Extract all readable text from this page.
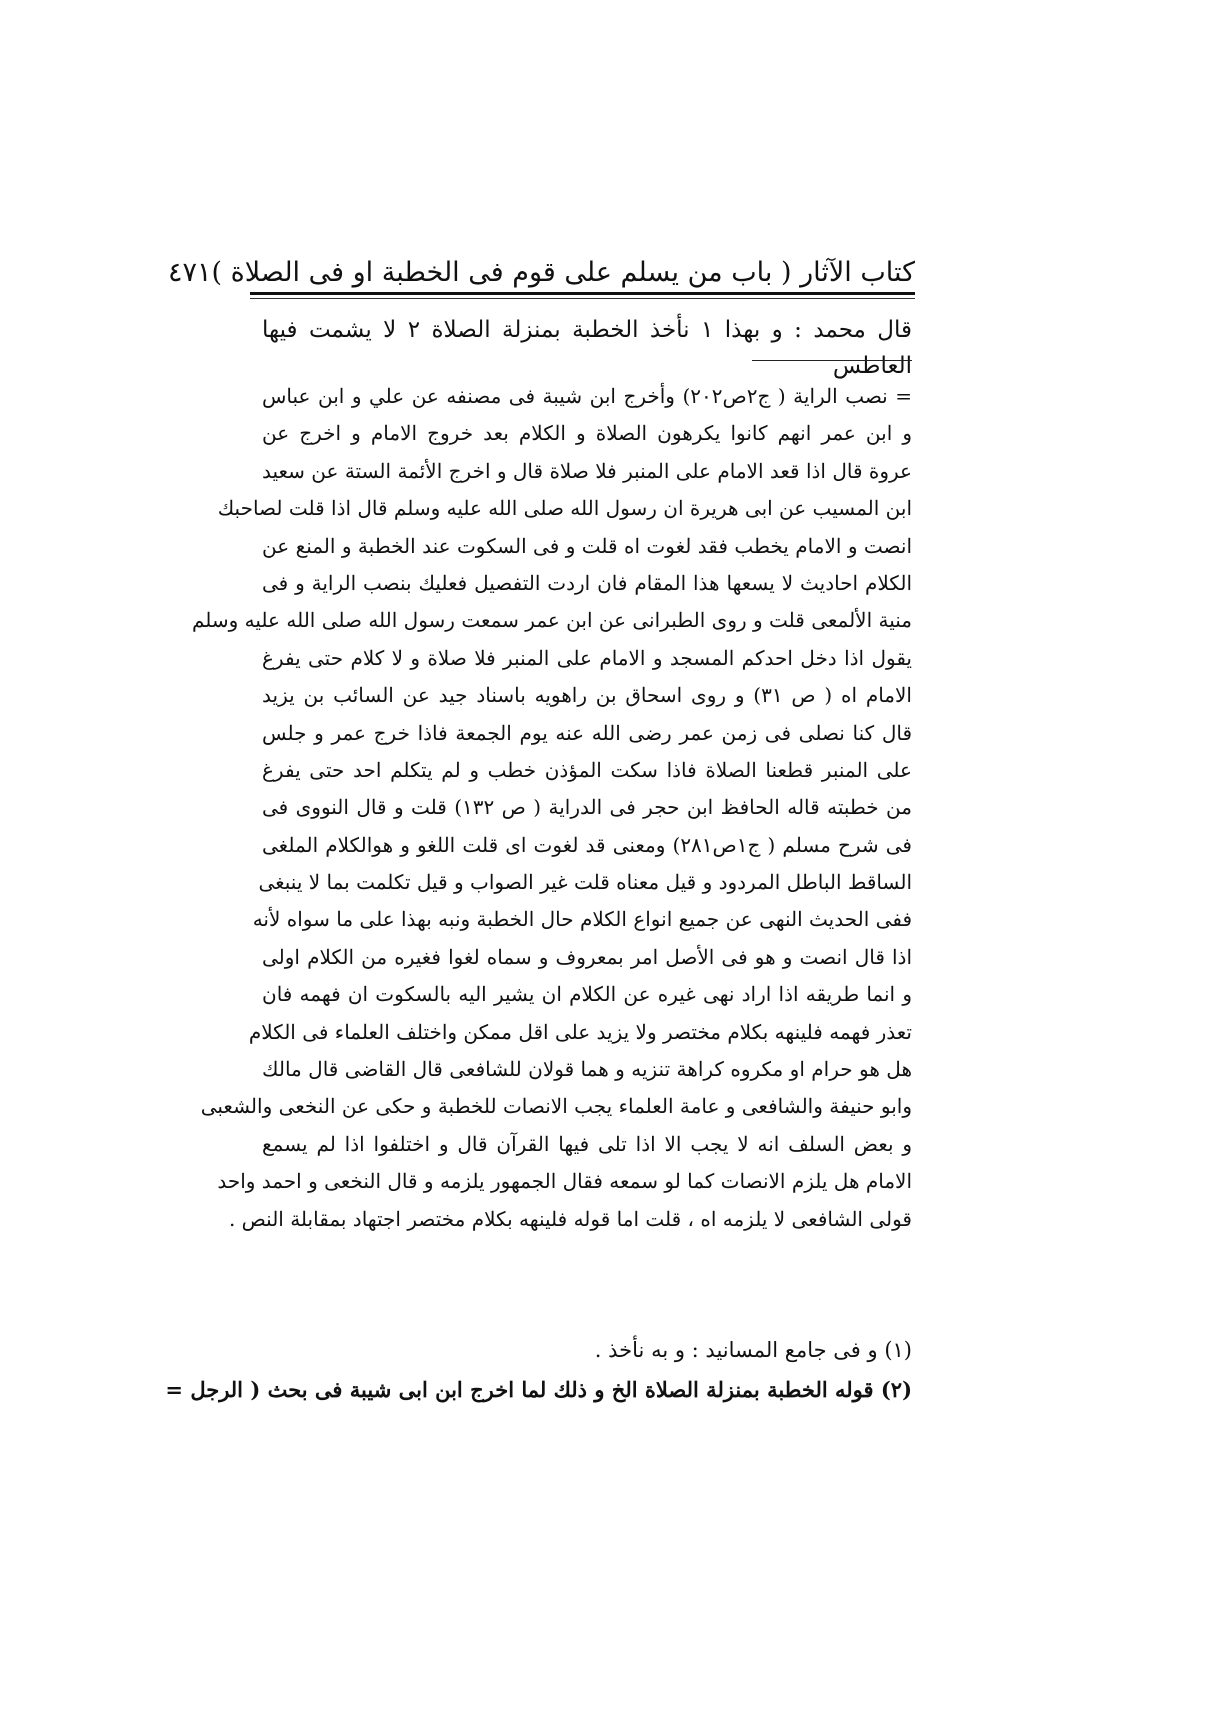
كتاب الآثار ( باب من يسلم على قوم فى الخطبة او فى الصلاة )
٤٧١
قال محمد : و بهذا ١ نأخذ الخطبة بمنزلة الصلاة ٢ لا يشمت فيها العاطس
= نصب الراية ( ج٢ص٢٠٢) وأخرج ابن شيبة فى مصنفه عن علي و ابن عباس
و ابن عمر انهم كانوا يكرهون الصلاة و الكلام بعد خروج الامام و اخرج عن
عروة قال اذا قعد الامام على المنبر فلا صلاة قال و اخرج الأئمة الستة عن سعيد
ابن المسيب عن ابى هريرة ان رسول الله صلى الله عليه وسلم قال اذا قلت لصاحبك
انصت و الامام يخطب فقد لغوت اه قلت و فى السكوت عند الخطبة و المنع عن
الكلام احاديث لا يسعها هذا المقام فان اردت التفصيل فعليك بنصب الراية و فى
منية الألمعى قلت و روى الطبرانى عن ابن عمر سمعت رسول الله صلى الله عليه وسلم
يقول اذا دخل احدكم المسجد و الامام على المنبر فلا صلاة و لا كلام حتى يفرغ
الامام اه ( ص ٣١) و روى اسحاق بن راهويه باسناد جيد عن السائب بن يزيد
قال كنا نصلى فى زمن عمر رضى الله عنه يوم الجمعة فاذا خرج عمر و جلس
على المنبر قطعنا الصلاة فاذا سكت المؤذن خطب و لم يتكلم احد حتى يفرغ
من خطبته قاله الحافظ ابن حجر فى الدراية ( ص ١٣٢) قلت و قال النووى فى
فى شرح مسلم ( ج١ص٢٨١) ومعنى قد لغوت اى قلت اللغو و هوالكلام الملغى
الساقط الباطل المردود و قيل معناه قلت غير الصواب و قيل تكلمت بما لا ينبغى
ففى الحديث النهى عن جميع انواع الكلام حال الخطبة ونبه بهذا على ما سواه لأنه
اذا قال انصت و هو فى الأصل امر بمعروف و سماه لغوا فغيره من الكلام اولى
و انما طريقه اذا اراد نهى غيره عن الكلام ان يشير اليه بالسكوت ان فهمه فان
تعذر فهمه فلينهه بكلام مختصر ولا يزيد على اقل ممكن واختلف العلماء فى الكلام
هل هو حرام او مكروه كراهة تنزيه و هما قولان للشافعى قال القاضى قال مالك
وابو حنيفة والشافعى و عامة العلماء يجب الانصات للخطبة و حكى عن النخعى والشعبى
و بعض السلف انه لا يجب الا اذا تلى فيها القرآن قال و اختلفوا اذا لم يسمع
الامام هل يلزم الانصات كما لو سمعه فقال الجمهور يلزمه و قال النخعى و احمد واحد
قولى الشافعى لا يلزمه اه ، قلت اما قوله فلينهه بكلام مختصر اجتهاد بمقابلة النص .
(١) و فى جامع المسانيد : و به نأخذ .
(٢) قوله الخطبة بمنزلة الصلاة الخ و ذلك لما اخرج ابن ابى شيبة فى بحث ( الرجل =
